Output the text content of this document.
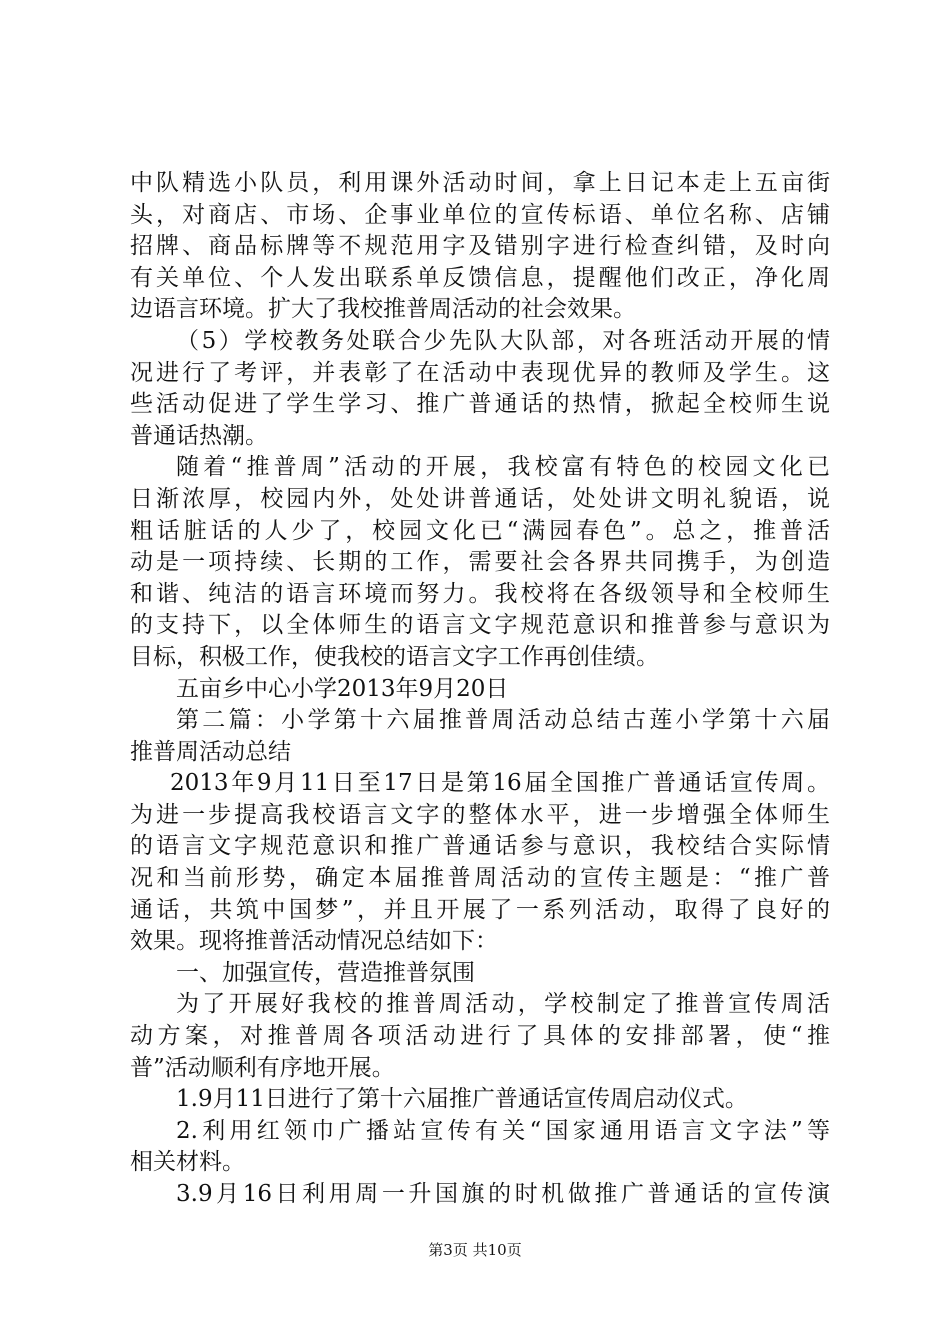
中队精选小队员，利用课外活动时间，拿上日记本走上五亩街
头，对商店、市场、企事业单位的宣传标语、单位名称、店铺
招牌、商品标牌等不规范用字及错别字进行检查纠错，及时向
有关单位、个人发出联系单反馈信息，提醒他们改正，净化周
边语言环境。扩大了我校推普周活动的社会效果。
（5）学校教务处联合少先队大队部，对各班活动开展的情
况进行了考评，并表彰了在活动中表现优异的教师及学生。这
些活动促进了学生学习、推广普通话的热情，掀起全校师生说
普通话热潮。
随着“推普周”活动的开展，我校富有特色的校园文化已
日渐浓厚，校园内外，处处讲普通话，处处讲文明礼貌语，说
粗话脏话的人少了，校园文化已“满园春色”。总之，推普活
动是一项持续、长期的工作，需要社会各界共同携手，为创造
和谐、纯洁的语言环境而努力。我校将在各级领导和全校师生
的支持下，以全体师生的语言文字规范意识和推普参与意识为
目标，积极工作，使我校的语言文字工作再创佳绩。
五亩乡中心小学2013年9月20日
第二篇：小学第十六届推普周活动总结古莲小学第十六届
推普周活动总结
2013年9月11日至17日是第16届全国推广普通话宣传周。
为进一步提高我校语言文字的整体水平，进一步增强全体师生
的语言文字规范意识和推广普通话参与意识，我校结合实际情
况和当前形势，确定本届推普周活动的宣传主题是：“推广普
通话，共筑中国梦”，并且开展了一系列活动，取得了良好的
效果。现将推普活动情况总结如下：
一、加强宣传，营造推普氛围
为了开展好我校的推普周活动，学校制定了推普宣传周活
动方案，对推普周各项活动进行了具体的安排部署，使“推
普”活动顺利有序地开展。
1.9月11日进行了第十六届推广普通话宣传周启动仪式。
2.利用红领巾广播站宣传有关“国家通用语言文字法”等
相关材料。
3.9月16日利用周一升国旗的时机做推广普通话的宣传演
第3页 共10页
